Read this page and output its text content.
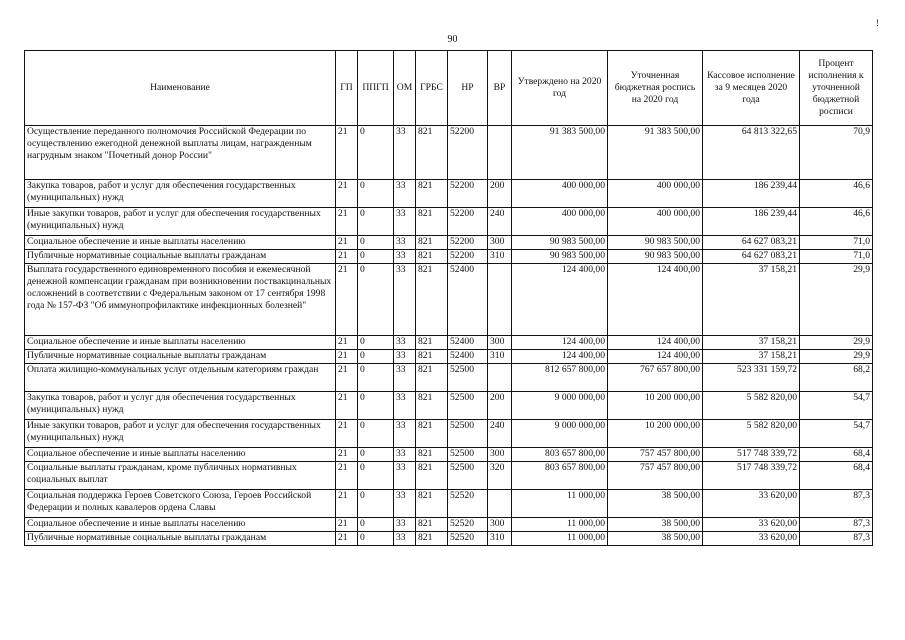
!
90
Наименование	ГП	ППГП	ОМ	ГРБС	НР	ВР	Утверждено на 2020 год	Уточненная бюджетная роспись на 2020 год	Кассовое исполнение за 9 месяцев 2020 года	Процент исполнения к уточненной бюджетной росписи
Осуществление переданного полномочия Российской Федерации по осуществлению ежегодной денежной выплаты лицам, награжденным нагрудным знаком "Почетный донор России"	21	0	33	821	52200		91 383 500,00	91 383 500,00	64 813 322,65	70,9
Закупка товаров, работ и услуг для обеспечения государственных (муниципальных) нужд	21	0	33	821	52200	200	400 000,00	400 000,00	186 239,44	46,6
Иные закупки товаров, работ и услуг для обеспечения государственных (муниципальных) нужд	21	0	33	821	52200	240	400 000,00	400 000,00	186 239,44	46,6
Социальное обеспечение и иные выплаты населению	21	0	33	821	52200	300	90 983 500,00	90 983 500,00	64 627 083,21	71,0
Публичные нормативные социальные выплаты гражданам	21	0	33	821	52200	310	90 983 500,00	90 983 500,00	64 627 083,21	71,0
Выплата государственного единовременного пособия и ежемесячной денежной компенсации гражданам при возникновении поствакцинальных осложнений в соответствии с Федеральным законом от 17 сентября 1998 года № 157-ФЗ "Об иммунопрофилактике инфекционных болезней"	21	0	33	821	52400		124 400,00	124 400,00	37 158,21	29,9
Социальное обеспечение и иные выплаты населению	21	0	33	821	52400	300	124 400,00	124 400,00	37 158,21	29,9
Публичные нормативные социальные выплаты гражданам	21	0	33	821	52400	310	124 400,00	124 400,00	37 158,21	29,9
Оплата жилищно-коммунальных услуг отдельным категориям граждан	21	0	33	821	52500		812 657 800,00	767 657 800,00	523 331 159,72	68,2
Закупка товаров, работ и услуг для обеспечения государственных (муниципальных) нужд	21	0	33	821	52500	200	9 000 000,00	10 200 000,00	5 582 820,00	54,7
Иные закупки товаров, работ и услуг для обеспечения государственных (муниципальных) нужд	21	0	33	821	52500	240	9 000 000,00	10 200 000,00	5 582 820,00	54,7
Социальное обеспечение и иные выплаты населению	21	0	33	821	52500	300	803 657 800,00	757 457 800,00	517 748 339,72	68,4
Социальные выплаты гражданам, кроме публичных нормативных социальных выплат	21	0	33	821	52500	320	803 657 800,00	757 457 800,00	517 748 339,72	68,4
Социальная поддержка Героев Советского Союза, Героев Российской Федерации и полных кавалеров ордена Славы	21	0	33	821	52520		11 000,00	38 500,00	33 620,00	87,3
Социальное обеспечение и иные выплаты населению	21	0	33	821	52520	300	11 000,00	38 500,00	33 620,00	87,3
Публичные нормативные социальные выплаты гражданам	21	0	33	821	52520	310	11 000,00	38 500,00	33 620,00	87,3
